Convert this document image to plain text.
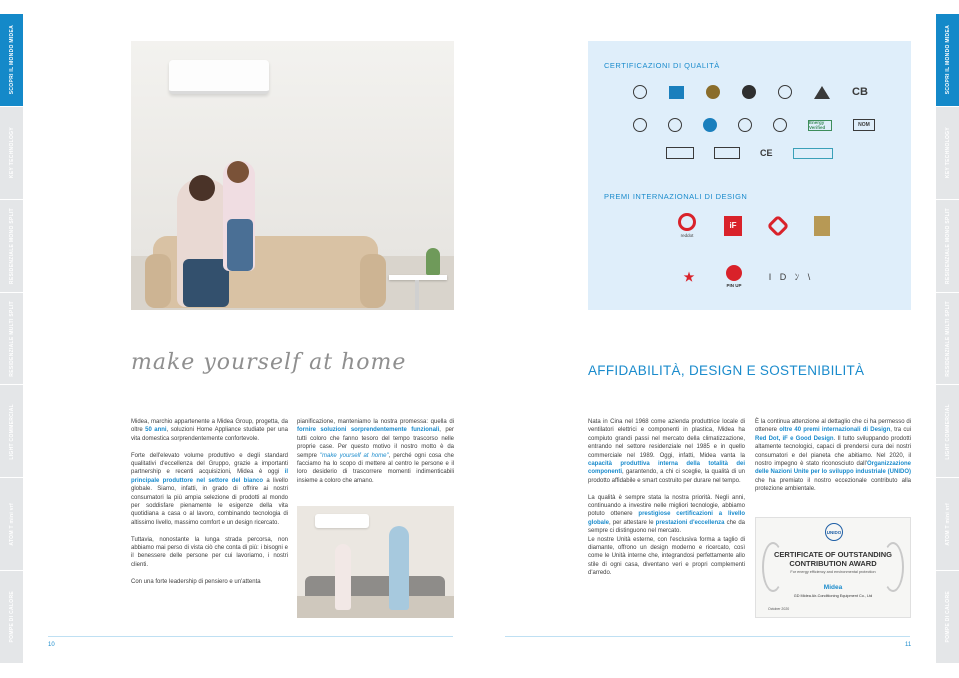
SCOPRI IL MONDO MIDEA
KEY TECHNOLOGY
RESIDENZIALE MONO SPLIT
RESIDENZIALE MULTI SPLIT
LIGHT COMMERCIAL
ATOM T mini vrf
POMPE DI CALORE
SCOPRI IL MONDO MIDEA
KEY TECHNOLOGY
RESIDENZIALE MONO SPLIT
RESIDENZIALE MULTI SPLIT
LIGHT COMMERCIAL
ATOM T mini vrf
POMPE DI CALORE
CERTIFICAZIONI DI QUALITÀ
CB
Energy Verified	NOM
CE
PREMI INTERNAZIONALI DI DESIGN
reddot
iF
★
PIN UP
I D ﾝ \
make yourself at home	AFFIDABILITÀ, DESIGN E SOSTENIBILITÀ

Midea, marchio appartenente a Midea Group, progetta, da oltre 50 anni, soluzioni Home Appliance studiate per una vita domestica sorprendentemente confortevole.

Forte dell'elevato volume produttivo e degli standard qualitativi d'eccellenza del Gruppo, grazie a importanti partnership e recenti acquisizioni, Midea è oggi il principale produttore nel settore del bianco a livello globale. Siamo, infatti, in grado di offrire ai nostri consumatori la più ampia selezione di prodotti al mondo per soddisfare pienamente le esigenze della vita quotidiana a casa o al lavoro, combinando tecnologia di altissimo livello, massimo comfort e un design ricercato.

Tuttavia, nonostante la lunga strada percorsa, non abbiamo mai perso di vista ciò che conta di più: i bisogni e il benessere delle persone per cui lavoriamo, i nostri clienti.

Con una forte leadership di pensiero e un'attenta

pianificazione, manteniamo la nostra promessa: quella di fornire soluzioni sorprendentemente funzionali, per tutti coloro che fanno tesoro del tempo trascorso nelle proprie case. Per questo motivo il nostro motto è da sempre "make yourself at home", perché ogni cosa che facciamo ha lo scopo di mettere al centro le persone e il loro desiderio di trascorrere momenti indimenticabili insieme a coloro che amano.

Nata in Cina nel 1968 come azienda produttrice locale di ventilatori elettrici e componenti in plastica, Midea ha compiuto grandi passi nel mercato della climatizzazione, entrando nel settore residenziale nel 1985 e in quello commerciale nel 1989. Oggi, infatti, Midea vanta la capacità produttiva interna della totalità dei componenti, garantendo, a chi ci sceglie, la qualità di un prodotto affidabile e smart costruito per durare nel tempo.

La qualità è sempre stata la nostra priorità. Negli anni, continuando a investire nelle migliori tecnologie, abbiamo potuto ottenere prestigiose certificazioni a livello globale, per attestare le prestazioni d'eccellenza che da sempre ci distinguono nel mercato.

Le nostre Unità esterne, con l'esclusiva forma a taglio di diamante, offrono un design moderno e ricercato, così come le Unità interne che, integrandosi perfettamente allo stile di ogni casa, diventano veri e propri complementi d'arredo.

È la continua attenzione al dettaglio che ci ha permesso di ottenere oltre 40 premi internazionali di Design, tra cui Red Dot, iF e Good Design. Il tutto sviluppando prodotti altamente tecnologici, capaci di prendersi cura dei nostri consumatori e del pianeta che abitiamo. Nel 2020, il nostro impegno è stato riconosciuto dall'Organizzazione delle Nazioni Unite per lo sviluppo industriale (UNIDO) che ha premiato il nostro eccezionale contributo alla protezione ambientale.

UNIDO
CERTIFICATE OF OUTSTANDING CONTRIBUTION AWARD
For energy efficiency and environmental protection
Midea
GD Midea Air-Conditioning Equipment Co., Ltd
October 2020
10	11
